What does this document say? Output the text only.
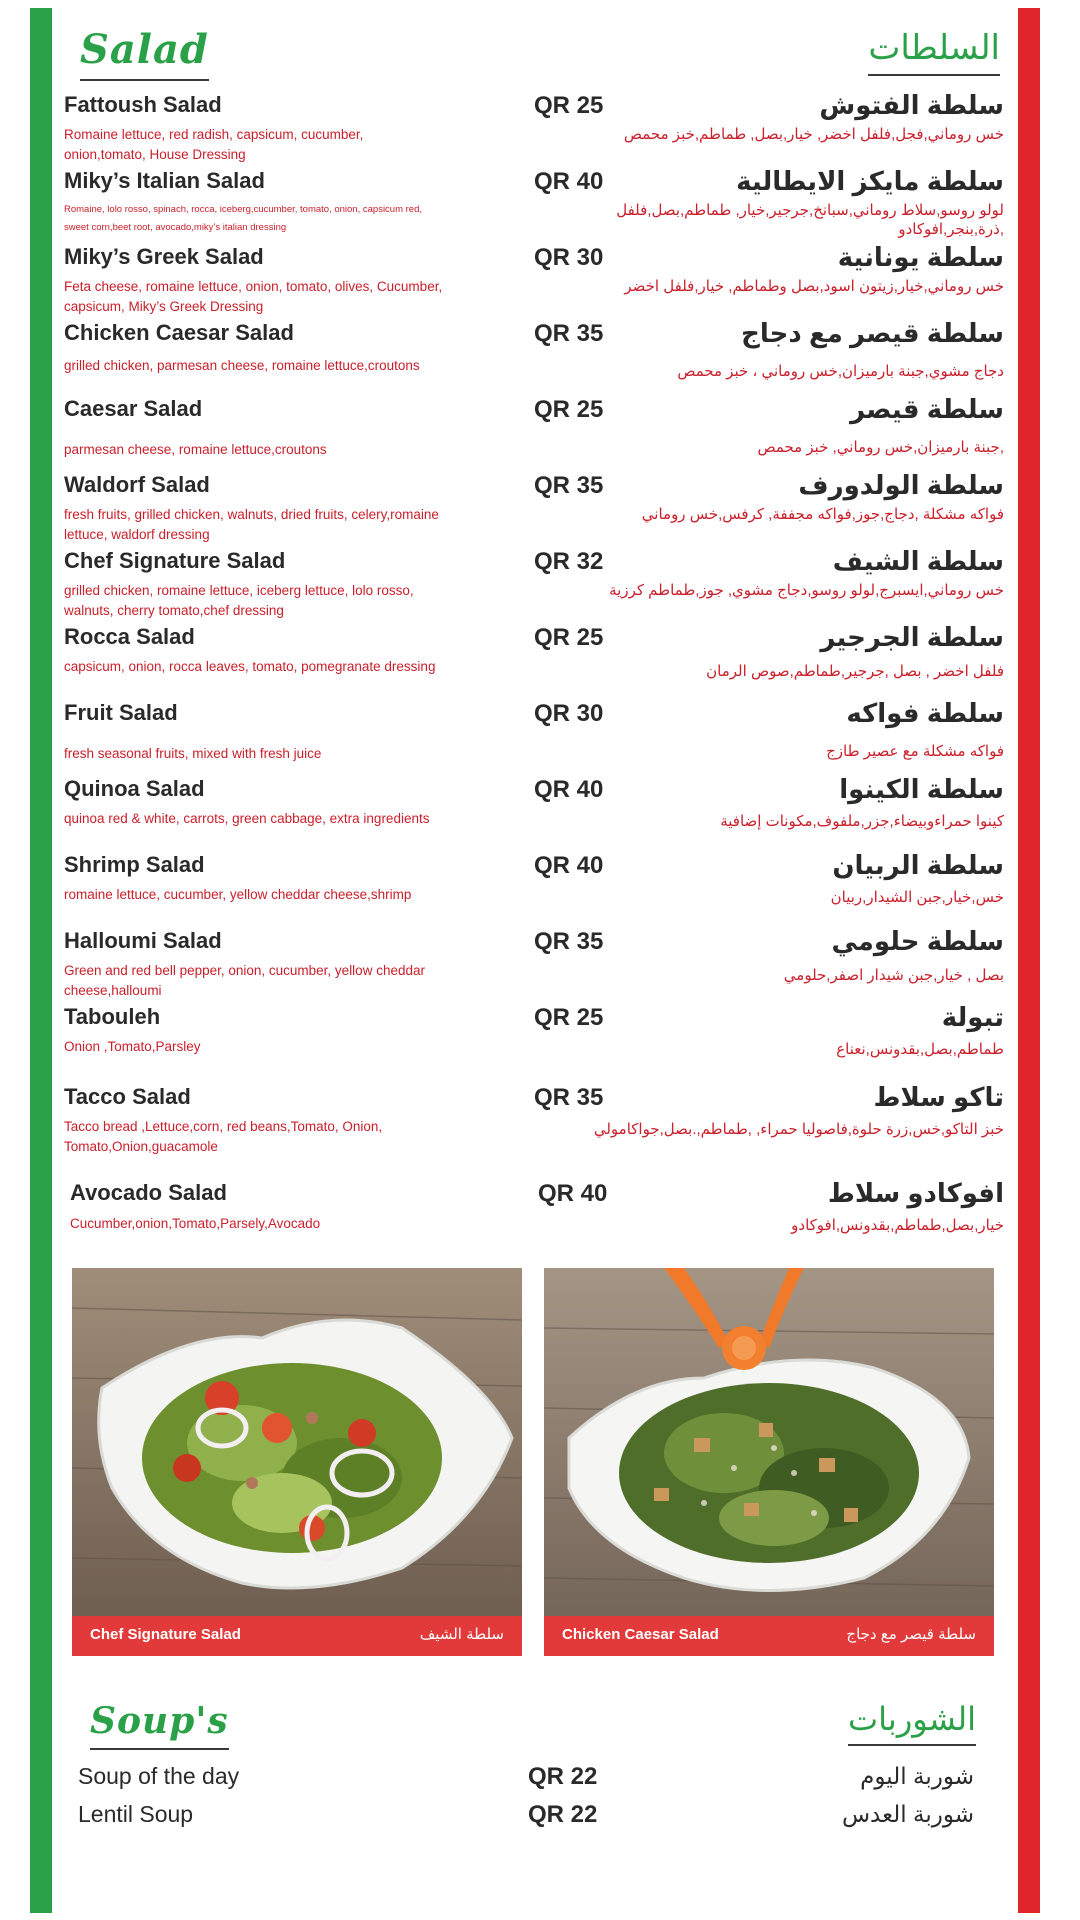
Salad	السلطات
Fattoush Salad	QR 25
Romaine lettuce, red radish, capsicum, cucumber, onion,tomato, House Dressing
سلطة الفتوش
خس روماني,فجل,فلفل اخضر, خيار,بصل, طماطم,خبز محمص
Miky’s Italian Salad	QR 40
Romaine, lolo rosso, spinach, rocca, iceberg,cucumber, tomato, onion, capsicum red, sweet corn,beet root, avocado,miky’s italian dressing
سلطة مايكز الايطالية
لولو روسو,سلاط روماني,سبانخ,جرجير,خيار, طماطم,بصل,فلفل ,ذرة,بنجر,افوكادو
Miky’s Greek Salad	QR 30
Feta cheese, romaine lettuce, onion, tomato, olives, Cucumber, capsicum, Miky’s Greek Dressing
سلطة يونانية
خس روماني,خيار,زيتون اسود,بصل وطماطم, خيار,فلفل اخضر
Chicken Caesar Salad	QR 35
grilled chicken, parmesan cheese, romaine lettuce,croutons
سلطة قيصر مع دجاج
دجاج مشوي,جبنة بارميزان,خس روماني ، خبز محمص
Caesar Salad	QR 25
parmesan cheese, romaine lettuce,croutons
سلطة قيصر
,جبنة بارميزان,خس روماني, خبز محمص
Waldorf Salad	QR 35
fresh fruits, grilled chicken, walnuts, dried fruits, celery,romaine lettuce, waldorf dressing
سلطة الولدورف
فواكه مشكلة ,دجاج,جوز,فواكه مجففة, كرفس,خس روماني
Chef Signature Salad	QR 32
grilled chicken, romaine lettuce, iceberg lettuce, lolo rosso, walnuts, cherry tomato,chef dressing
سلطة الشيف
خس روماني,ايسبرج,لولو روسو,دجاج مشوي, جوز,طماطم كرزية
Rocca Salad	QR 25
capsicum, onion, rocca leaves, tomato, pomegranate dressing
سلطة الجرجير
فلفل اخضر , بصل ,جرجير,طماطم,صوص الرمان
Fruit Salad	QR 30
fresh seasonal fruits, mixed with fresh juice
سلطة فواكه
فواكه مشكلة مع عصير طازج
Quinoa Salad	QR 40
quinoa red & white, carrots, green cabbage, extra ingredients
سلطة الكينوا
كينوا حمراءوبيضاء,جزر,ملفوف,مكونات إضافية
Shrimp Salad	QR 40
romaine lettuce, cucumber, yellow cheddar cheese,shrimp
سلطة الربيان
خس,خيار,جبن الشيدار,ربيان
Halloumi Salad	QR 35
Green and red bell pepper, onion, cucumber, yellow cheddar cheese,halloumi
سلطة حلومي
بصل , خيار,جبن شيدار اصفر,حلومي
Tabouleh	QR 25
Onion ,Tomato,Parsley
تبولة
طماطم,بصل,بقدونس,نعناع
Tacco Salad	QR 35
Tacco bread ,Lettuce,corn, red beans,Tomato, Onion, Tomato,Onion,guacamole
تاكو سلاط
خبز التاكو,خس,زرة حلوة,فاصوليا حمراء, ,طماطم,.بصل,جواكامولي
Avocado Salad	QR 40
Cucumber,onion,Tomato,Parsely,Avocado
افوكادو سلاط
خيار,بصل,طماطم,بقدونس,افوكادو
Chef Signature Salad	سلطة الشيف	Chicken Caesar Salad	سلطة قيصر مع دجاج
Soup's	الشوربات
Soup of the day	QR 22	شوربة اليوم
Lentil Soup	QR 22	شوربة العدس
